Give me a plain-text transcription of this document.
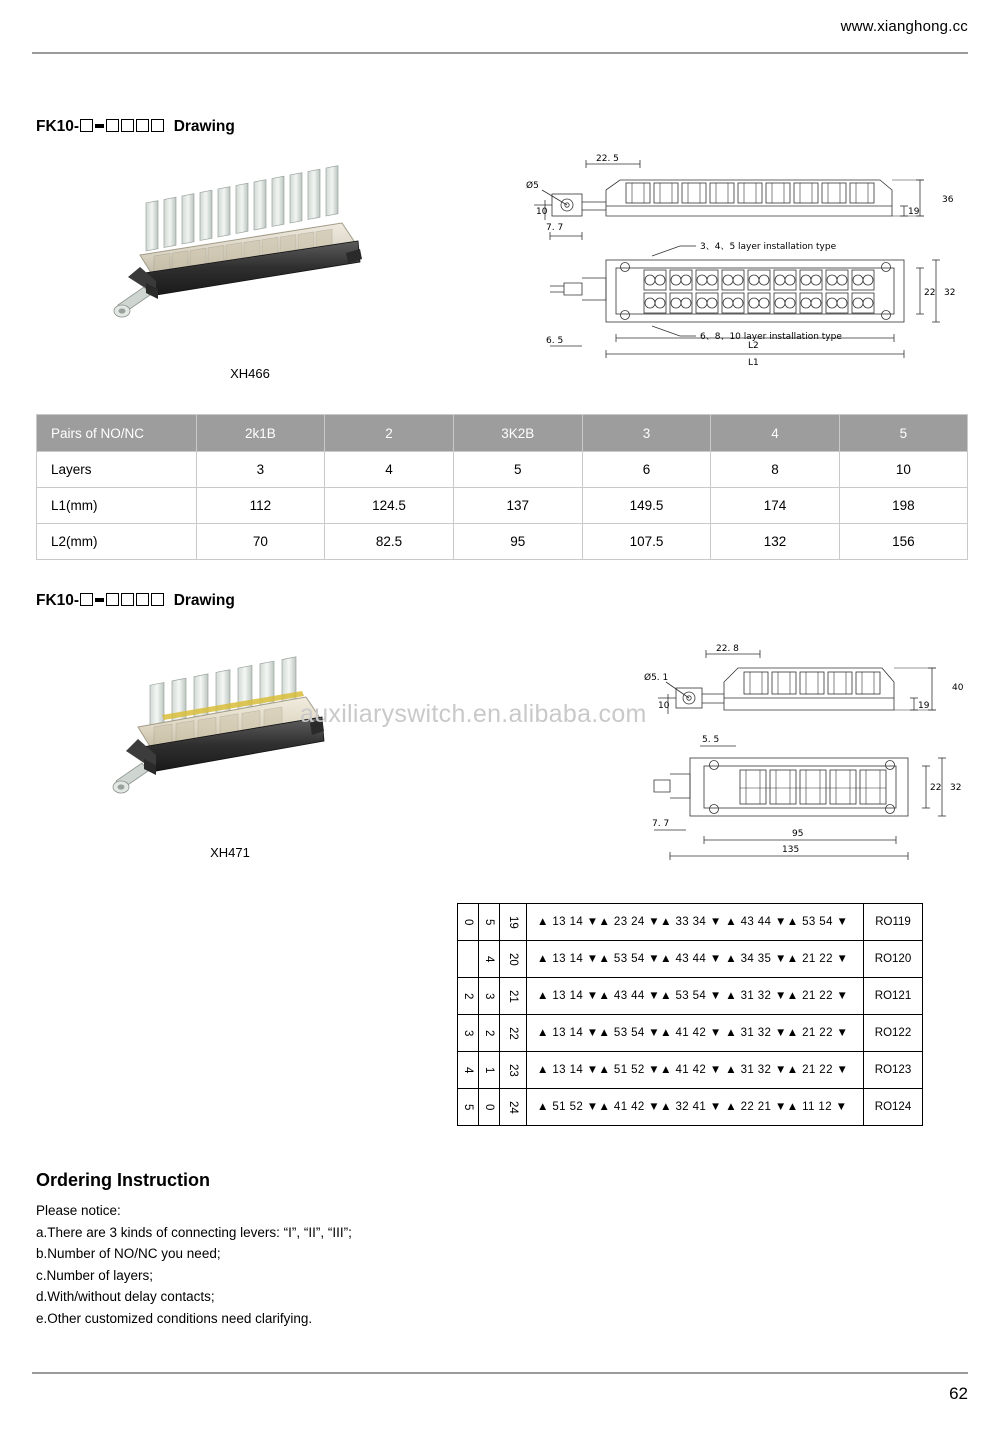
www.xianghong.cc
FK10-	Drawing
XH466
22. 5
Ø5
10
36
19
7. 7
6. 5
22 32
L2
L1
3、4、5 layer installation type
6、8、10 layer installation type
Pairs of NO/NC	2k1B	2	3K2B	3	4	5
Layers	3	4	5	6	8	10
L1(mm)	112	124.5	137	149.5	174	198
L2(mm)	70	82.5	95	107.5	132	156
FK10-	Drawing
XH471
22. 8
Ø5. 1
10
40
19
5. 5
7. 7
22 32
95
135
auxiliaryswitch.en.alibaba.com
0	5	19	▲ 13 14 ▼▲ 23 24 ▼▲ 33 34 ▼ ▲ 43 44 ▼▲ 53 54 ▼	RO119
	4	20	▲ 13 14 ▼▲ 53 54 ▼▲ 43 44 ▼ ▲ 34 35 ▼▲ 21 22 ▼	RO120
2	3	21	▲ 13 14 ▼▲ 43 44 ▼▲ 53 54 ▼ ▲ 31 32 ▼▲ 21 22 ▼	RO121
3	2	22	▲ 13 14 ▼▲ 53 54 ▼▲ 41 42 ▼ ▲ 31 32 ▼▲ 21 22 ▼	RO122
4	1	23	▲ 13 14 ▼▲ 51 52 ▼▲ 41 42 ▼ ▲ 31 32 ▼▲ 21 22 ▼	RO123
5	0	24	▲ 51 52 ▼▲ 41 42 ▼▲ 32 41 ▼ ▲ 22 21 ▼▲ 11 12 ▼	RO124
Ordering Instruction
Please notice:
a.There are 3 kinds of connecting levers: “I”, “II”, “III”;
b.Number of NO/NC you need;
c.Number of layers;
d.With/without delay contacts;
e.Other customized conditions need clarifying.
62
